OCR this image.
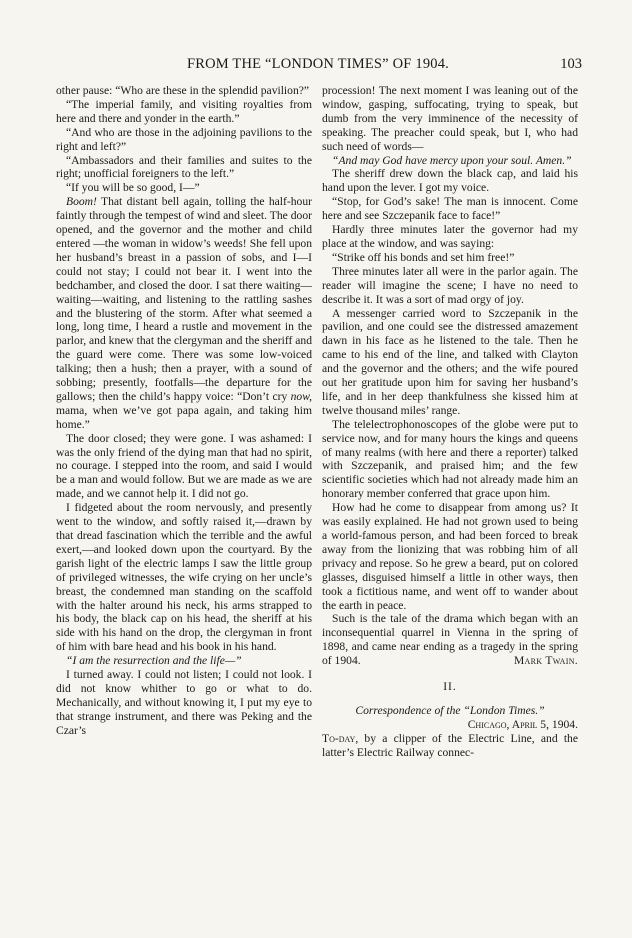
FROM THE “LONDON TIMES” OF 1904.	103

other pause: “Who are these in the splendid pavilion?”

“The imperial family, and visiting royalties from here and there and yonder in the earth.”

“And who are those in the adjoining pavilions to the right and left?”

“Ambassadors and their families and suites to the right; unofficial foreigners to the left.”

“If you will be so good, I—”

Boom! That distant bell again, tolling the half-hour faintly through the tempest of wind and sleet. The door opened, and the governor and the mother and child entered —the woman in widow’s weeds! She fell upon her husband’s breast in a passion of sobs, and I—I could not stay; I could not bear it. I went into the bedchamber, and closed the door. I sat there waiting—waiting—waiting, and listening to the rattling sashes and the blustering of the storm. After what seemed a long, long time, I heard a rustle and movement in the parlor, and knew that the clergyman and the sheriff and the guard were come. There was some low-voiced talking; then a hush; then a prayer, with a sound of sobbing; presently, footfalls—the departure for the gallows; then the child’s happy voice: “Don’t cry now, mama, when we’ve got papa again, and taking him home.”

The door closed; they were gone. I was ashamed: I was the only friend of the dying man that had no spirit, no courage. I stepped into the room, and said I would be a man and would follow. But we are made as we are made, and we cannot help it. I did not go.

I fidgeted about the room nervously, and presently went to the window, and softly raised it,—drawn by that dread fascination which the terrible and the awful exert,—and looked down upon the courtyard. By the garish light of the electric lamps I saw the little group of privileged witnesses, the wife crying on her uncle’s breast, the condemned man standing on the scaffold with the halter around his neck, his arms strapped to his body, the black cap on his head, the sheriff at his side with his hand on the drop, the clergyman in front of him with bare head and his book in his hand.

“I am the resurrection and the life—”

I turned away. I could not listen; I could not look. I did not know whither to go or what to do. Mechanically, and without knowing it, I put my eye to that strange instrument, and there was Peking and the Czar’s

procession! The next moment I was leaning out of the window, gasping, suffocating, trying to speak, but dumb from the very imminence of the necessity of speaking. The preacher could speak, but I, who had such need of words—

“And may God have mercy upon your soul. Amen.”

The sheriff drew down the black cap, and laid his hand upon the lever. I got my voice.

“Stop, for God’s sake! The man is innocent. Come here and see Szczepanik face to face!”

Hardly three minutes later the governor had my place at the window, and was saying:

“Strike off his bonds and set him free!”

Three minutes later all were in the parlor again. The reader will imagine the scene; I have no need to describe it. It was a sort of mad orgy of joy.

A messenger carried word to Szczepanik in the pavilion, and one could see the distressed amazement dawn in his face as he listened to the tale. Then he came to his end of the line, and talked with Clayton and the governor and the others; and the wife poured out her gratitude upon him for saving her husband’s life, and in her deep thankfulness she kissed him at twelve thousand miles’ range.

The telelectrophonoscopes of the globe were put to service now, and for many hours the kings and queens of many realms (with here and there a reporter) talked with Szczepanik, and praised him; and the few scientific societies which had not already made him an honorary member conferred that grace upon him.

How had he come to disappear from among us? It was easily explained. He had not grown used to being a world-famous person, and had been forced to break away from the lionizing that was robbing him of all privacy and repose. So he grew a beard, put on colored glasses, disguised himself a little in other ways, then took a fictitious name, and went off to wander about the earth in peace.

Such is the tale of the drama which began with an inconsequential quarrel in Vienna in the spring of 1898, and came near ending as a tragedy in the spring of 1904.	Mark Twain.

II.

Correspondence of the “London Times.”

Chicago, April 5, 1904.

To-day, by a clipper of the Electric Line, and the latter’s Electric Railway connec-
